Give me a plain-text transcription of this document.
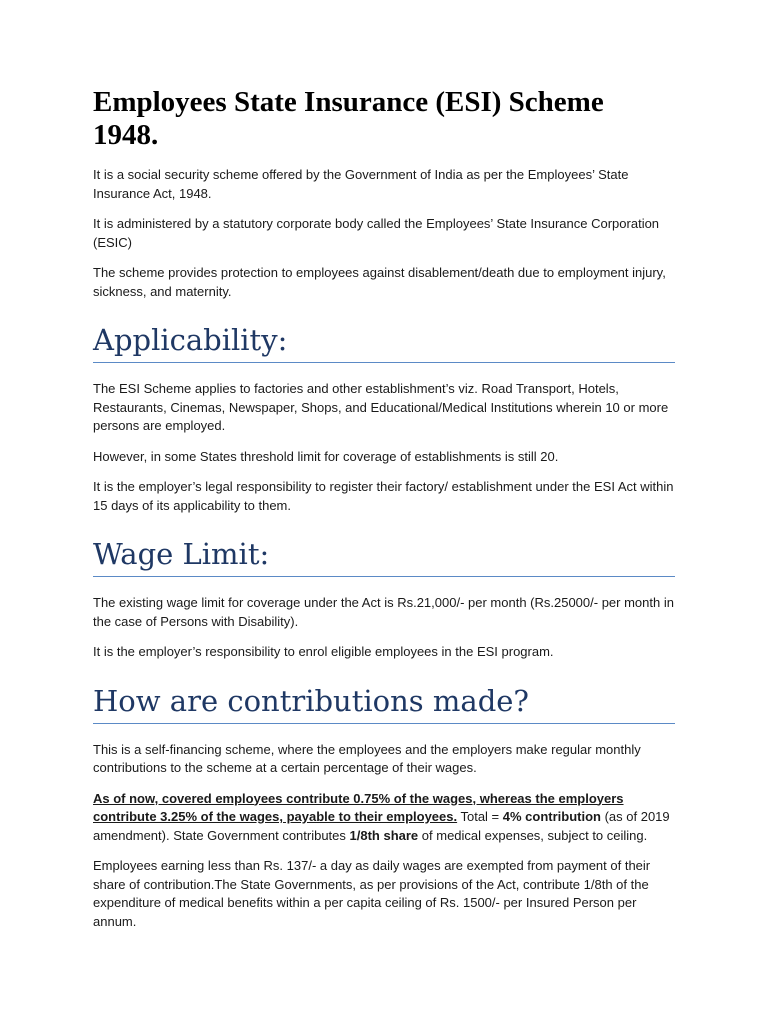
Employees State Insurance (ESI) Scheme 1948.

It is a social security scheme offered by the Government of India as per the Employees’ State Insurance Act, 1948.

It is administered by a statutory corporate body called the Employees’ State Insurance Corporation (ESIC)

The scheme provides protection to employees against disablement/death due to employment injury, sickness, and maternity.

Applicability:

The ESI Scheme applies to factories and other establishment’s viz. Road Transport, Hotels, Restaurants, Cinemas, Newspaper, Shops, and Educational/Medical Institutions wherein 10 or more persons are employed.

However, in some States threshold limit for coverage of establishments is still 20.

It is the employer’s legal responsibility to register their factory/ establishment under the ESI Act within 15 days of its applicability to them.

Wage Limit:

The existing wage limit for coverage under the Act is Rs.21,000/- per month (Rs.25000/- per month in the case of Persons with Disability).

It is the employer’s responsibility to enrol eligible employees in the ESI program.

How are contributions made?

This is a self-financing scheme, where the employees and the employers make regular monthly contributions to the scheme at a certain percentage of their wages.

As of now, covered employees contribute 0.75% of the wages, whereas the employers contribute 3.25% of the wages, payable to their employees. Total = 4% contribution (as of 2019 amendment). State Government contributes 1/8th share of medical expenses, subject to ceiling.

Employees earning less than Rs. 137/- a day as daily wages are exempted from payment of their share of contribution.The State Governments, as per provisions of the Act, contribute 1/8th of the expenditure of medical benefits within a per capita ceiling of Rs. 1500/- per Insured Person per annum.
